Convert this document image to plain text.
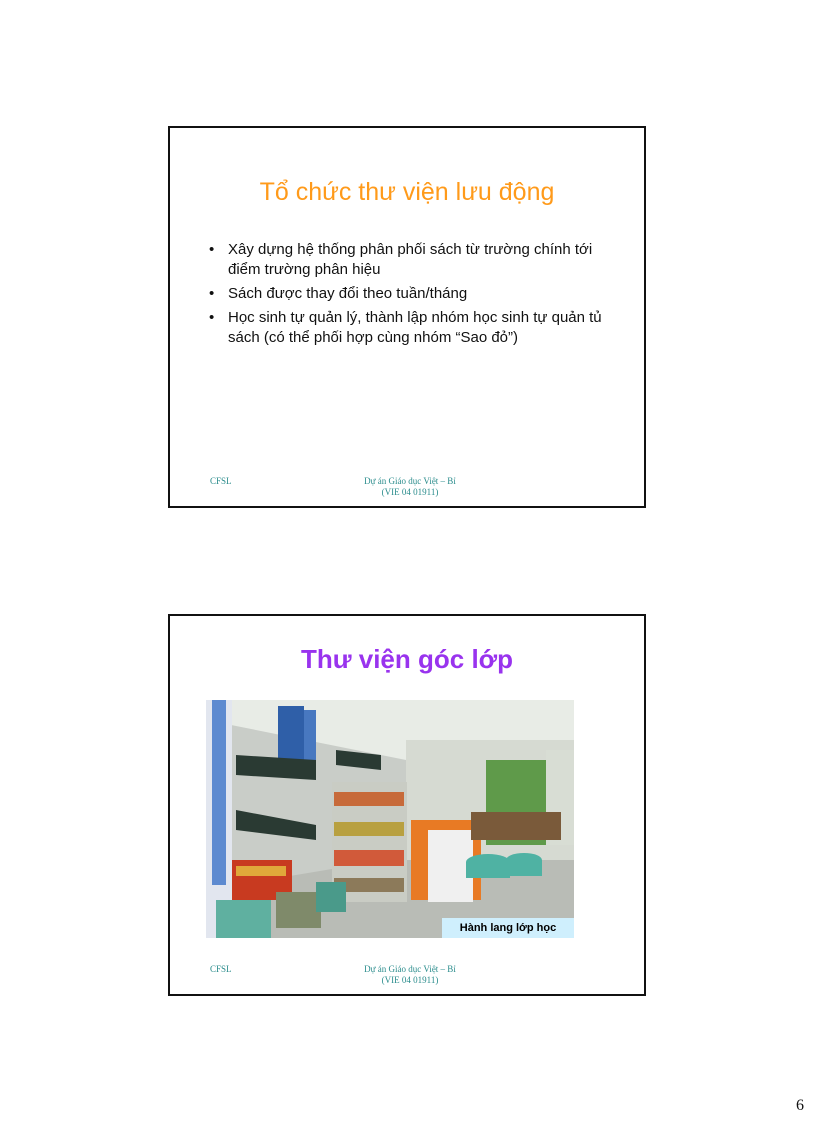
Tổ chức thư viện lưu động
• Xây dựng hệ thống phân phối sách từ trường chính tới điểm trường phân hiệu
• Sách được thay đổi theo tuần/tháng
• Học sinh tự quản lý, thành lập nhóm học sinh tự quản tủ sách (có thể phối hợp cùng nhóm “Sao đỏ”)
CFSL	Dự án Giáo dục Việt – Bỉ
(VIE 04 01911)
Thư viện góc lớp
Hành lang lớp học
CFSL	Dự án Giáo dục Việt – Bỉ
(VIE 04 01911)
6
